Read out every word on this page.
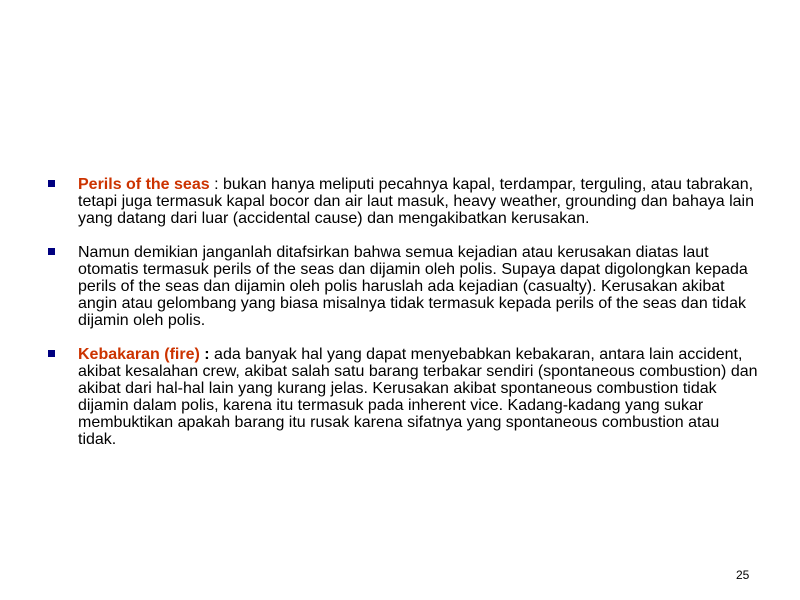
Perils of the seas : bukan hanya meliputi pecahnya kapal, terdampar, terguling, atau tabrakan, tetapi juga termasuk kapal bocor dan air laut masuk, heavy weather, grounding dan bahaya lain yang datang dari luar (accidental cause) dan mengakibatkan kerusakan.
Namun demikian janganlah ditafsirkan bahwa semua kejadian atau kerusakan diatas laut otomatis termasuk perils of the seas dan dijamin oleh polis. Supaya dapat digolongkan kepada perils of the seas dan dijamin oleh polis haruslah ada kejadian (casualty). Kerusakan akibat angin atau gelombang yang biasa misalnya tidak termasuk kepada perils of the seas dan tidak dijamin oleh polis.
Kebakaran (fire) : ada banyak hal yang dapat menyebabkan kebakaran, antara lain accident, akibat kesalahan crew, akibat salah satu barang terbakar sendiri (spontaneous combustion) dan akibat dari hal-hal lain yang kurang jelas. Kerusakan akibat spontaneous combustion tidak dijamin dalam polis, karena itu termasuk pada inherent vice. Kadang-kadang yang sukar membuktikan apakah barang itu rusak karena sifatnya yang spontaneous combustion atau tidak.
25
